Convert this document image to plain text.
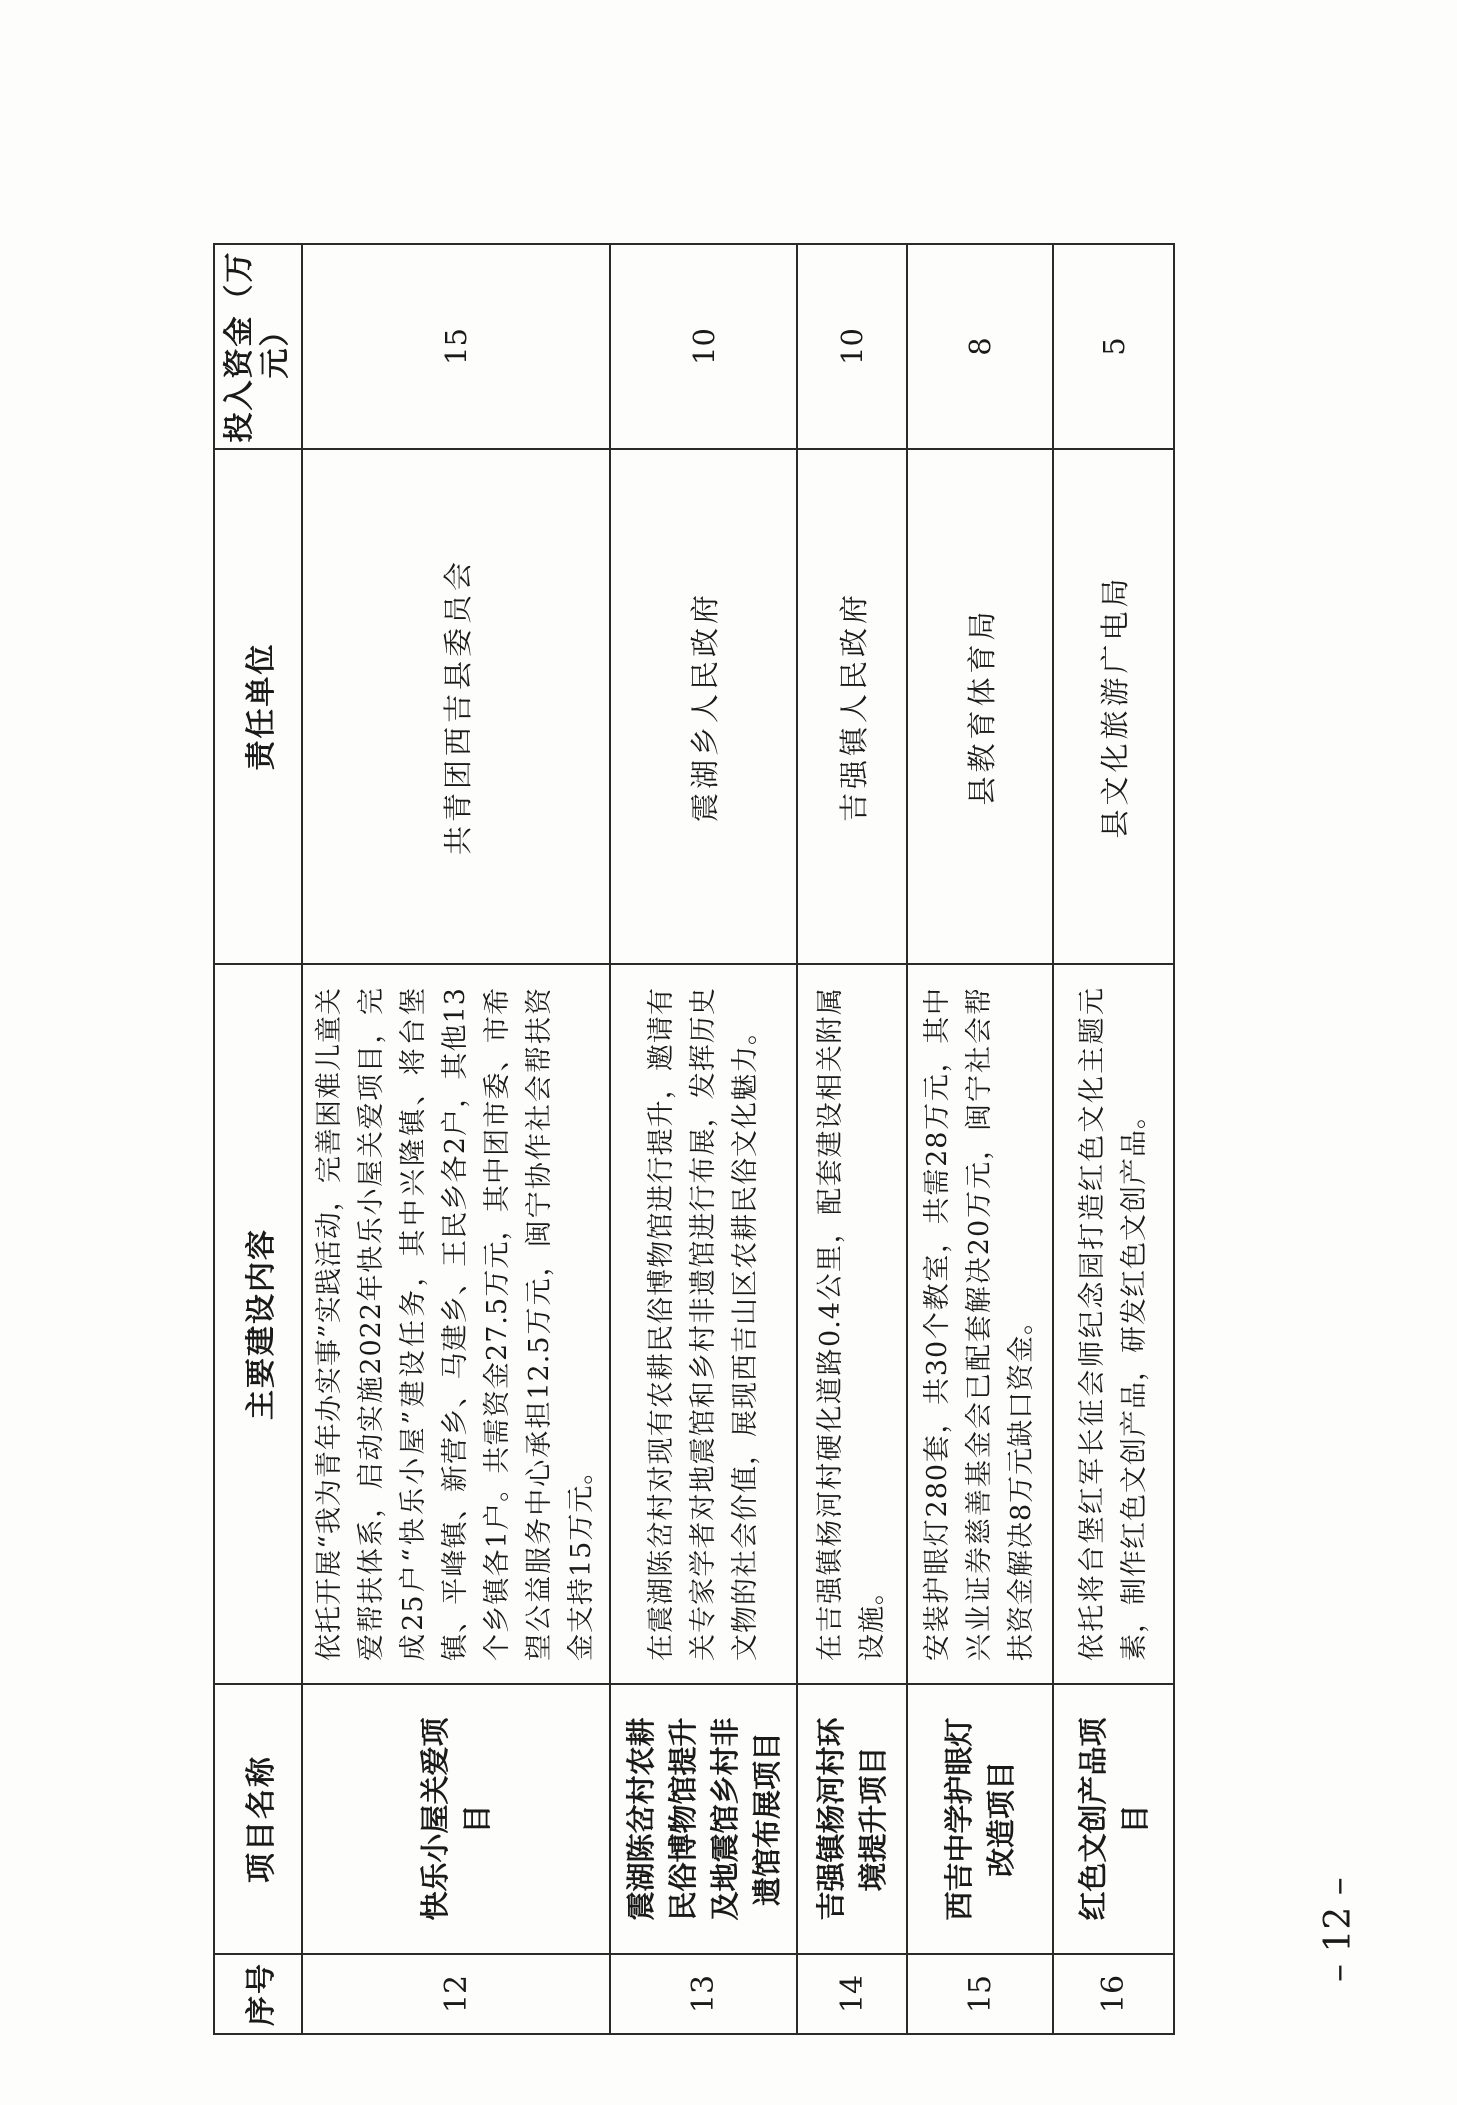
序号	项目名称	主要建设内容	责任单位	投入资金（万元）
12	快乐小屋关爱项目	依托开展“我为青年办实事”实践活动，完善困难儿童关爱帮扶体系，启动实施2022年快乐小屋关爱项目，完成25户“快乐小屋”建设任务，其中兴隆镇、将台堡镇、平峰镇、新营乡、马建乡、王民乡各2户，其他13个乡镇各1户。共需资金27.5万元，其中团市委、市希望公益服务中心承担12.5万元，闽宁协作社会帮扶资金支持15万元。	共青团西吉县委员会	15
13	震湖陈岔村农耕民俗博物馆提升及地震馆乡村非遗馆布展项目	在震湖陈岔村对现有农耕民俗博物馆进行提升，邀请有关专家学者对地震馆和乡村非遗馆进行布展，发挥历史文物的社会价值，展现西吉山区农耕民俗文化魅力。	震湖乡人民政府	10
14	吉强镇杨河村环境提升项目	在吉强镇杨河村硬化道路0.4公里，配套建设相关附属设施。	吉强镇人民政府	10
15	西吉中学护眼灯改造项目	安装护眼灯280套，共30个教室，共需28万元，其中兴业证券慈善基金会已配套解决20万元，闽宁社会帮扶资金解决8万元缺口资金。	县教育体育局	8
16	红色文创产品项目	依托将台堡红军长征会师纪念园打造红色文化主题元素，制作红色文创产品，研发红色文创产品。	县文化旅游广电局	5
– 12 –
